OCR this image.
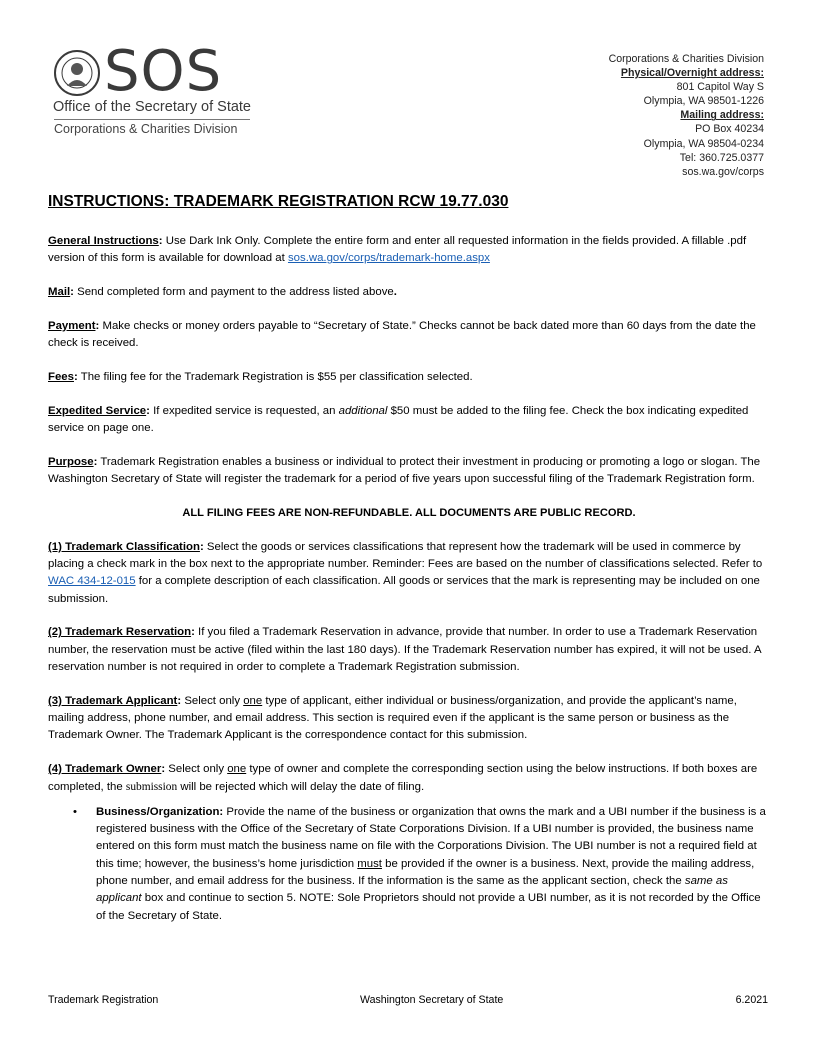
SOS
Office of the Secretary of State
Corporations & Charities Division
Corporations & Charities Division
Physical/Overnight address:
801 Capitol Way S
Olympia, WA 98501-1226
Mailing address:
PO Box 40234
Olympia, WA 98504-0234
Tel: 360.725.0377
sos.wa.gov/corps
INSTRUCTIONS: TRADEMARK REGISTRATION RCW 19.77.030

General Instructions: Use Dark Ink Only. Complete the entire form and enter all requested information in the fields provided. A fillable .pdf version of this form is available for download at sos.wa.gov/corps/trademark-home.aspx

Mail: Send completed form and payment to the address listed above.

Payment: Make checks or money orders payable to “Secretary of State.” Checks cannot be back dated more than 60 days from the date the check is received.

Fees: The filing fee for the Trademark Registration is $55 per classification selected.

Expedited Service: If expedited service is requested, an additional $50 must be added to the filing fee. Check the box indicating expedited service on page one.

Purpose: Trademark Registration enables a business or individual to protect their investment in producing or promoting a logo or slogan. The Washington Secretary of State will register the trademark for a period of five years upon successful filing of the Trademark Registration form.

ALL FILING FEES ARE NON-REFUNDABLE. ALL DOCUMENTS ARE PUBLIC RECORD.

(1) Trademark Classification: Select the goods or services classifications that represent how the trademark will be used in commerce by placing a check mark in the box next to the appropriate number. Reminder: Fees are based on the number of classifications selected. Refer to WAC 434-12-015 for a complete description of each classification. All goods or services that the mark is representing may be included on one submission.

(2) Trademark Reservation: If you filed a Trademark Reservation in advance, provide that number. In order to use a Trademark Reservation number, the reservation must be active (filed within the last 180 days). If the Trademark Reservation number has expired, it will not be used. A reservation number is not required in order to complete a Trademark Registration submission.

(3) Trademark Applicant: Select only one type of applicant, either individual or business/organization, and provide the applicant’s name, mailing address, phone number, and email address. This section is required even if the applicant is the same person or business as the Trademark Owner. The Trademark Applicant is the correspondence contact for this submission.

(4) Trademark Owner: Select only one type of owner and complete the corresponding section using the below instructions. If both boxes are completed, the submission will be rejected which will delay the date of filing.

• Business/Organization: Provide the name of the business or organization that owns the mark and a UBI number if the business is a registered business with the Office of the Secretary of State Corporations Division. If a UBI number is provided, the business name entered on this form must match the business name on file with the Corporations Division. The UBI number is not a required field at this time; however, the business’s home jurisdiction must be provided if the owner is a business. Next, provide the mailing address, phone number, and email address for the business. If the information is the same as the applicant section, check the same as applicant box and continue to section 5. NOTE: Sole Proprietors should not provide a UBI number, as it is not recorded by the Office of the Secretary of State.
Trademark Registration	Washington Secretary of State	6.2021
